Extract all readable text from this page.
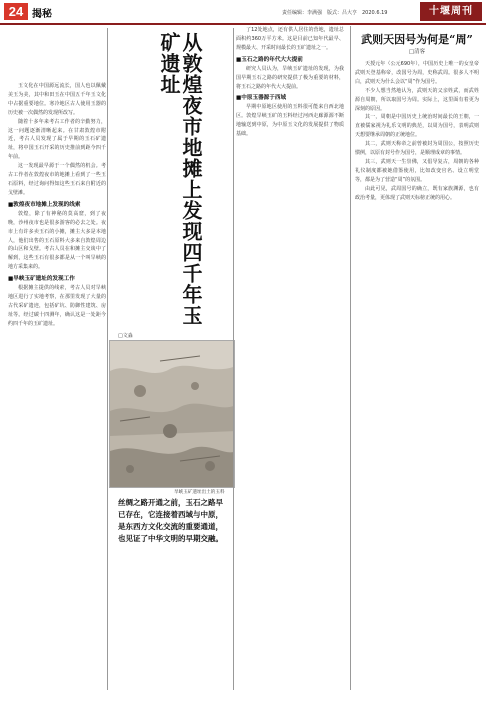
24 揭秘	责任编辑：李满强　版式：吕大亨　2020.6.19	十堰周刊

玉文化在中国源远流长，国人也以佩戴美玉为美，其中和田玉在中国五千年玉文化中占据重要地位。寒冷地区古人使用玉器的历史被一次偶然的发现所改写。

随着十多年来考古工作者的辛勤努力，这一问题逐渐清晰起来。在甘肃敦煌市附近，考古人员发现了属于早期的玉石矿遗址，将中国玉石开采的历史推前到距今四千年前。

这一发现最早源于一个偶然的机会。考古工作者在敦煌夜市的地摊上看到了一些玉石原料，经过询问得知这些玉石来自附近的戈壁滩。

■敦煌夜市地摊上发现的线索

敦煌，除了有神秘的莫高窟，到了夜晚，沙州夜市也是很多游客的必去之处。夜市上有许多卖玉石的小摊，摊主大多是本地人，他们出售的玉石原料大多来自敦煌周边的山区和戈壁。考古人员在和摊主交谈中了解到，这些玉石有很多都是从一个叫旱峡的地方采集来的。

■旱峡玉矿遗址的发现工作

根据摊主提供的线索，考古人员对旱峡地区进行了实地考察，在那里发现了大量的古代采矿遗迹，包括矿坑、防御性建筑、房址等。经过碳十四测年，确认这是一处距今约四千年的玉矿遗址。	从敦煌夜市地摊上发现四千年玉矿遗址
□文淼
旱峡玉矿遗址出土的玉料
丝绸之路开通之前，玉石之路早已存在，它连接着西域与中原，是东西方文化交流的重要通道，也见证了中华文明的早期交融。

了12处地点，还有供人居住的营地，遗址总面积约360万平方米。这是目前已知年代最早、规模最大、开采时间最长的玉矿遗址之一。

■玉石之路的年代大大提前

研究人员认为，旱峡玉矿遗址的发现，为我国早期玉石之路的研究提供了极为重要的材料，将玉石之路的年代大大提前。

■中原玉器源于西域

早期中原地区使用的玉料很可能来自西北地区。敦煌旱峡玉矿的玉料经过河西走廊源源不断地输送到中原，为中原玉文化的发展提供了物质基础。

武则天因号为何是“周”
□清客

天授元年（公元690年），中国历史上唯一的女皇帝武则天登基称帝，改国号为周，史称武周。很多人不明白，武则天为什么会以“周”作为国号。

不少人想当然地认为，武则天的父亲姓武，而武姓源自周朝，所以取国号为周。实际上，这里面有着更为深刻的原因。

其一，周朝是中国历史上统治时间最长的王朝，一直被儒家视为礼乐文明的典范，以周为国号，表明武则天想要继承周朝的正统地位。

其二，武则天称帝之前曾被封为周国公，按照历史惯例，以原有封号作为国号，是顺理成章的事情。

其三，武则天一生崇佛，又倡导复古，周朝的各种礼仪制度都被她借鉴使用，比如改变官名、设立明堂等，都是为了营造“周”的氛围。

由此可见，武周国号的确立，既有家族渊源，也有政治考量，更体现了武则天标榜正统的用心。
